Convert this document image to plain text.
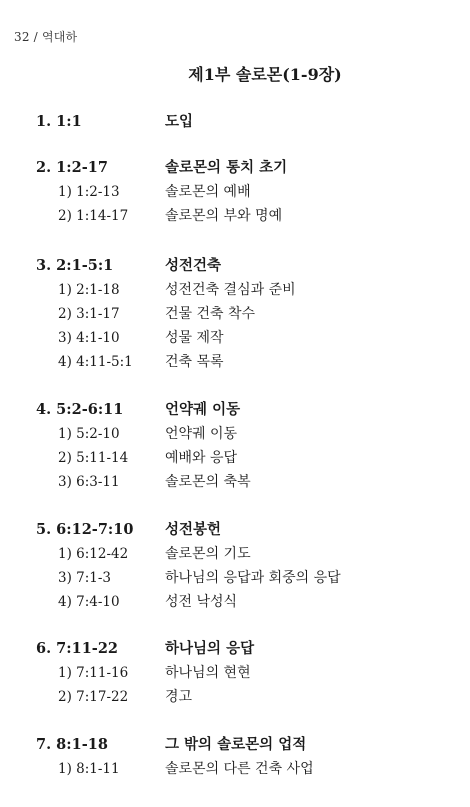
32 / 역대하
제1부 솔로몬(1-9장)
1. 1:1	도입
2. 1:2-17	솔로몬의 통치 초기
1) 1:2-13	솔로몬의 예배
2) 1:14-17	솔로몬의 부와 명예
3. 2:1-5:1	성전건축
1) 2:1-18	성전건축 결심과 준비
2) 3:1-17	건물 건축 착수
3) 4:1-10	성물 제작
4) 4:11-5:1 건축 목록
4. 5:2-6:11	언약궤 이동
1) 5:2-10	언약궤 이동
2) 5:11-14	예배와 응답
3) 6:3-11	솔로몬의 축복
5. 6:12-7:10 성전봉헌
1) 6:12-42	솔로몬의 기도
3) 7:1-3	하나님의 응답과 회중의 응답
4) 7:4-10	성전 낙성식
6. 7:11-22	하나님의 응답
1) 7:11-16	하나님의 현현
2) 7:17-22	경고
7. 8:1-18	그 밖의 솔로몬의 업적
1) 8:1-11	솔로몬의 다른 건축 사업
